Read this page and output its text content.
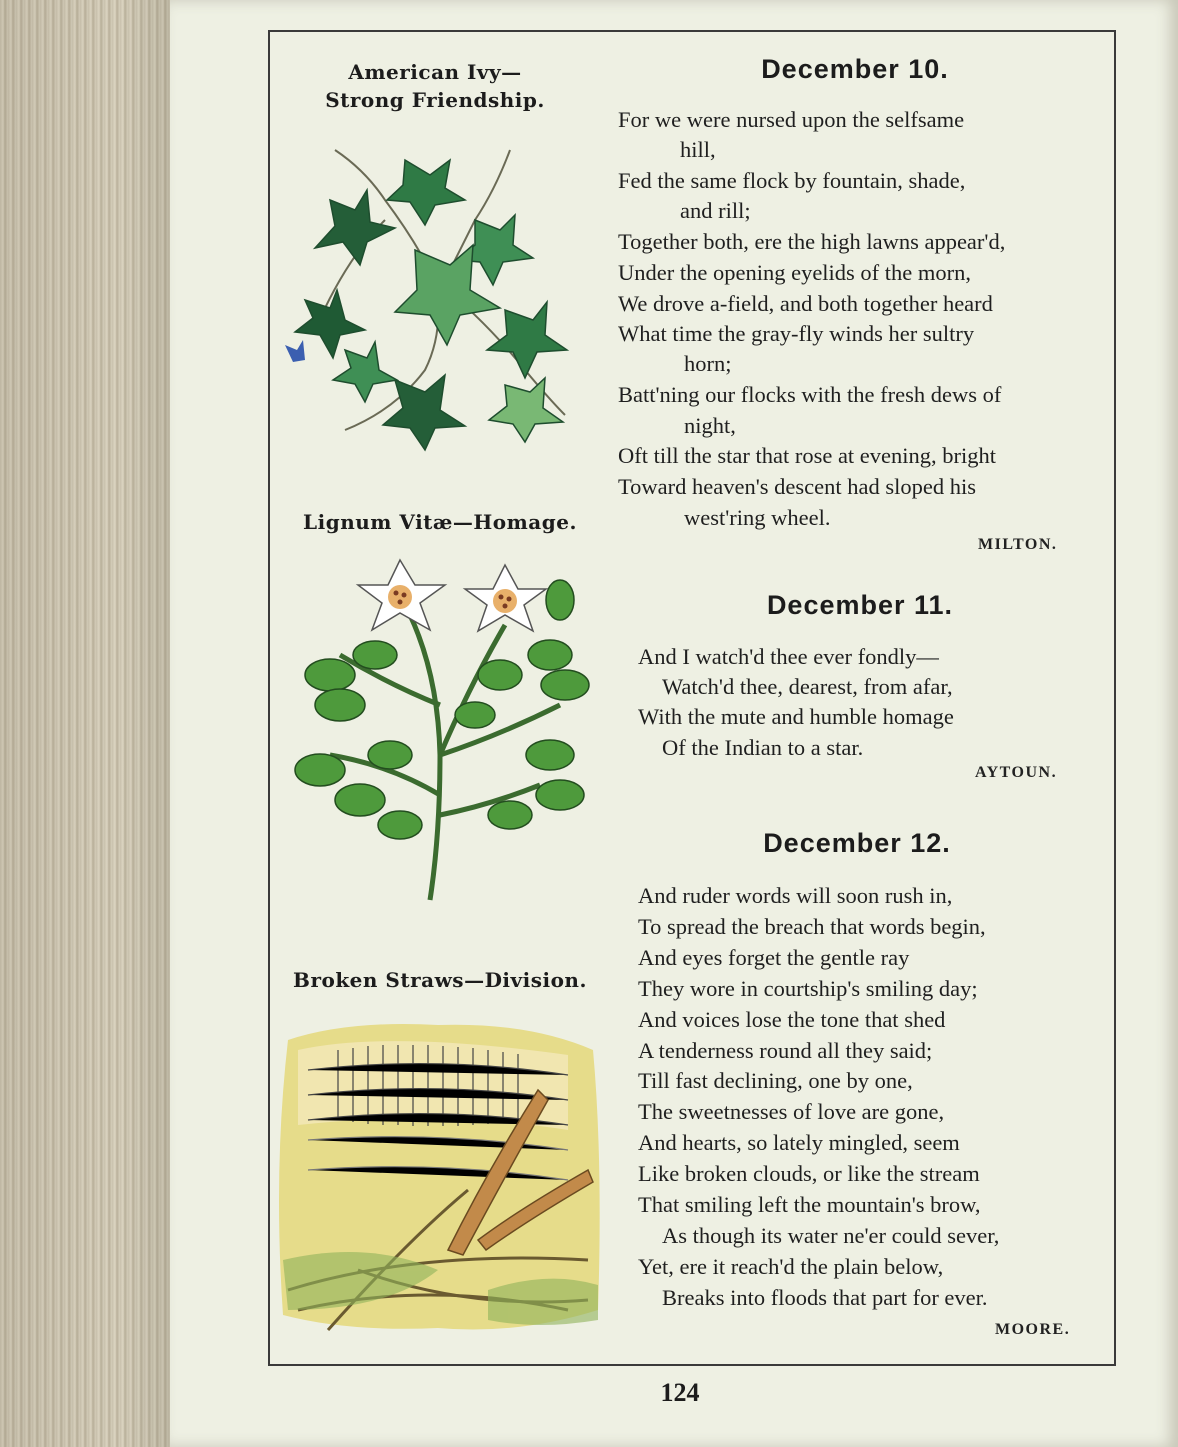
American Ivy—
Strong Friendship.
Lignum Vitæ—Homage.
Broken Straws—Division.
December 10.
For we were nursed upon the selfsame
hill,
Fed the same flock by fountain, shade,
and rill;
Together both, ere the high lawns appear'd,
Under the opening eyelids of the morn,
We drove a-field, and both together heard
What time the gray-fly winds her sultry
horn;
Batt'ning our flocks with the fresh dews of
night,
Oft till the star that rose at evening, bright
Toward heaven's descent had sloped his
west'ring wheel.
MILTON.
December 11.
And I watch'd thee ever fondly—
Watch'd thee, dearest, from afar,
With the mute and humble homage
Of the Indian to a star.
AYTOUN.
December 12.
And ruder words will soon rush in,
To spread the breach that words begin,
And eyes forget the gentle ray
They wore in courtship's smiling day;
And voices lose the tone that shed
A tenderness round all they said;
Till fast declining, one by one,
The sweetnesses of love are gone,
And hearts, so lately mingled, seem
Like broken clouds, or like the stream
That smiling left the mountain's brow,
As though its water ne'er could sever,
Yet, ere it reach'd the plain below,
Breaks into floods that part for ever.
MOORE.
124
